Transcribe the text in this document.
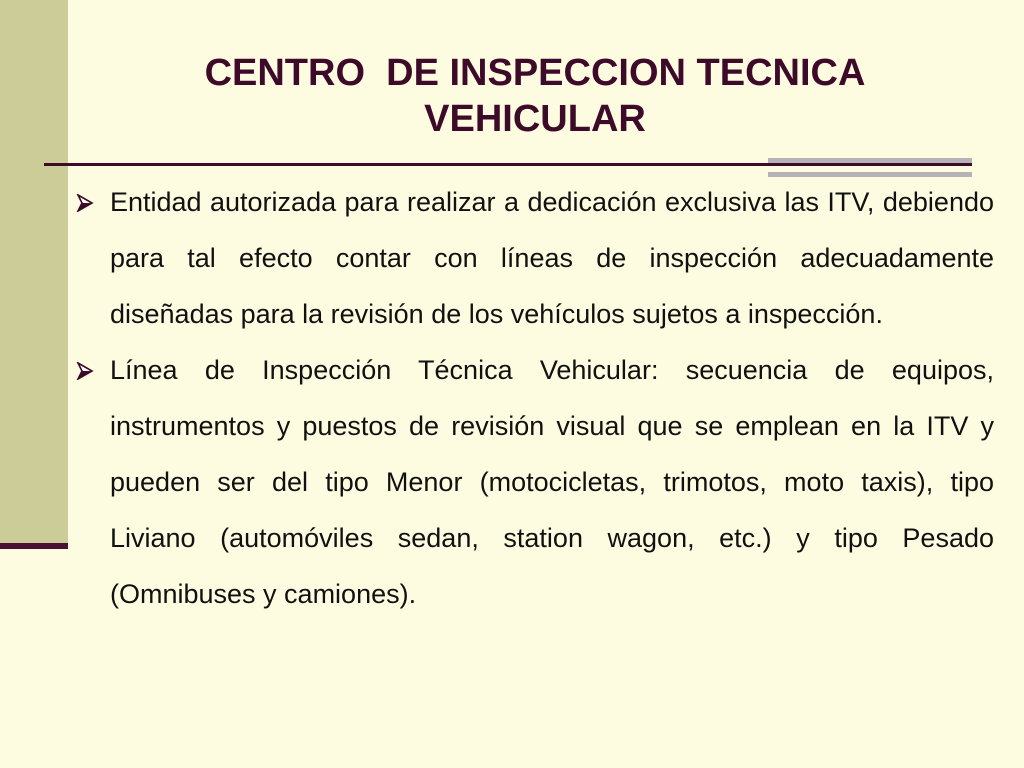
CENTRO  DE INSPECCION TECNICA
VEHICULAR
Entidad autorizada para realizar a dedicación exclusiva las ITV, debiendo para tal efecto contar con líneas de inspección adecuadamente diseñadas para la revisión de los vehículos sujetos a inspección.
Línea de Inspección Técnica Vehicular: secuencia de equipos, instrumentos y puestos de revisión visual que se emplean en la ITV y pueden ser del tipo Menor (motocicletas, trimotos, moto taxis), tipo Liviano (automóviles sedan, station wagon, etc.) y tipo Pesado (Omnibuses y camiones).
